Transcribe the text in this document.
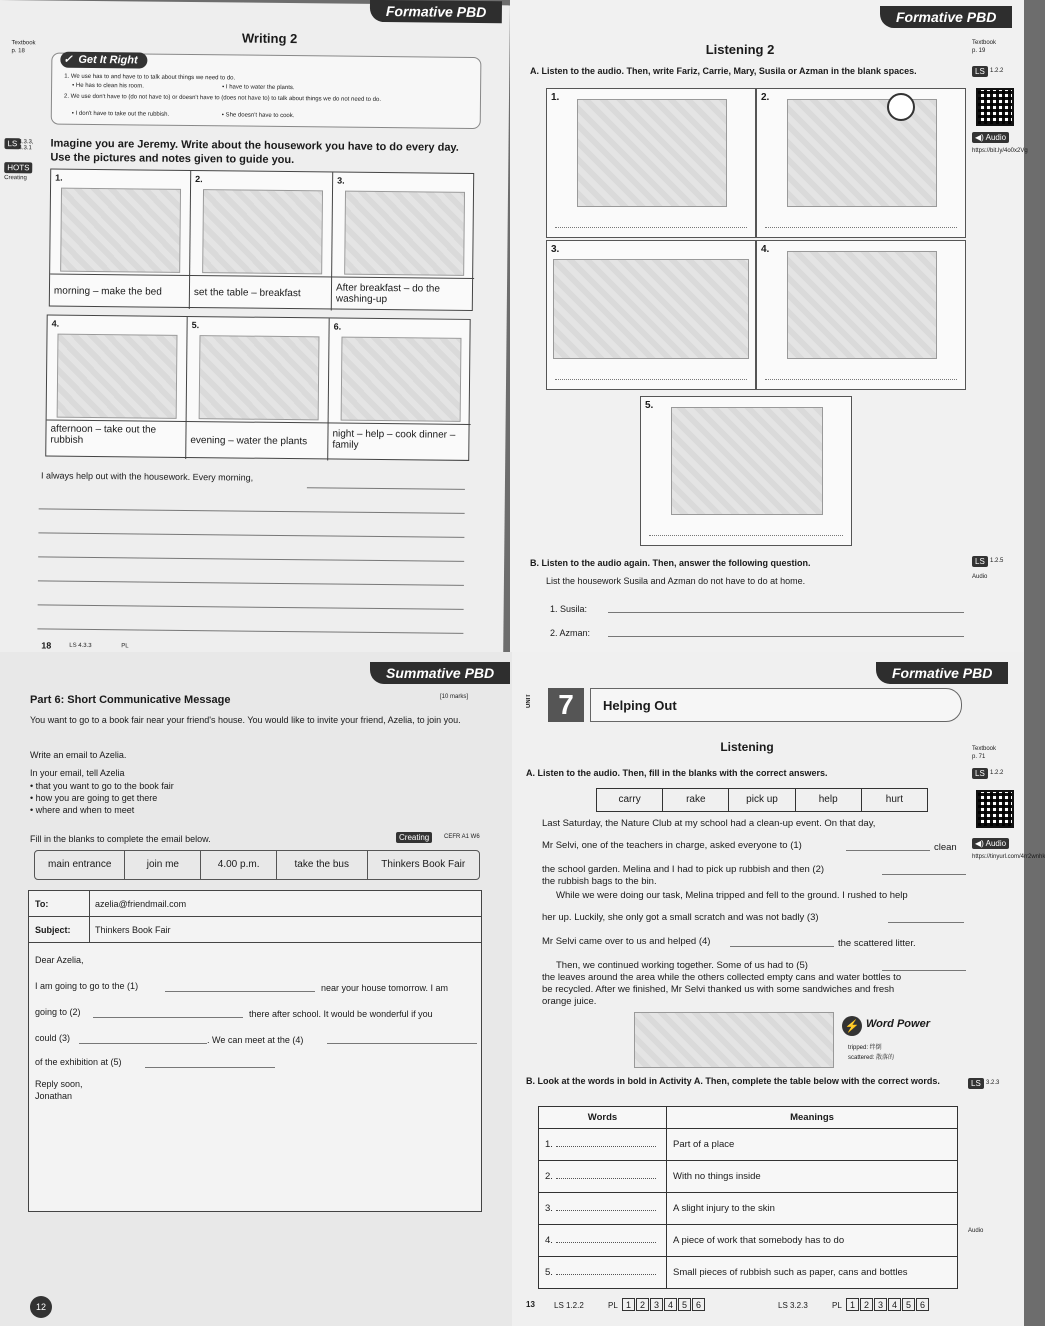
Formative PBD
Textbook
p. 18
Writing 2
✓ Get It Right
1. We use has to and have to to talk about things we need to do.
• He has to clean his room.	• I have to water the plants.
2. We use don't have to (do not have to) or doesn't have to (does not have to) to talk about things we do not need to do.
• I don't have to take out the rubbish.	• She doesn't have to cook.
LS 4.3.3, 4.3.1
HOTS
Creating
Imagine you are Jeremy. Write about the housework you have to do every day. Use the pictures and notes given to guide you.
1.
morning – make the bed
2.
set the table – breakfast
3.
After breakfast – do the washing-up
4.
afternoon – take out the rubbish
5.
evening – water the plants
6.
night – help – cook dinner – family
I always help out with the housework. Every morning,
18	LS 4.3.3	PL
Formative PBD
Listening 2	Textbook
p. 19
A. Listen to the audio. Then, write Fariz, Carrie, Mary, Susila or Azman in the blank spaces.	LS 1.2.2
◀) Audio
https://bit.ly/4o0x2Vg
1.	2.
3.	4.
5.
B. Listen to the audio again. Then, answer the following question.	LS 1.2.5
Audio
List the housework Susila and Azman do not have to do at home.
1. Susila:
2. Azman:
Summative PBD
Part 6: Short Communicative Message	[10 marks]
You want to go to a book fair near your friend's house. You would like to invite your friend, Azelia, to join you.
Write an email to Azelia.
In your email, tell Azelia
• that you want to go to the book fair
• how you are going to get there
• where and when to meet
Fill in the blanks to complete the email below.	Creating	CEFR A1 W6
main entrance	join me	4.00 p.m.	take the bus	Thinkers Book Fair
To:	azelia@friendmail.com
Subject:	Thinkers Book Fair
Dear Azelia,
I am going to go to the (1)	near your house tomorrow. I am
going to (2)	there after school. It would be wonderful if you
could (3)	. We can meet at the (4)
of the exhibition at (5)
Reply soon,
Jonathan
12
Formative PBD
UNIT 7	Helping Out
Listening	Textbook
p. 71
LS 1.2.2
◀) Audio
https://tinyurl.com/4rr2wnhk
A. Listen to the audio. Then, fill in the blanks with the correct answers.
carry	rake	pick up	help	hurt
Last Saturday, the Nature Club at my school had a clean-up event. On that day,
Mr Selvi, one of the teachers in charge, asked everyone to (1)	clean
the school garden. Melina and I had to pick up rubbish and then (2)
the rubbish bags to the bin.
While we were doing our task, Melina tripped and fell to the ground. I rushed to help
her up. Luckily, she only got a small scratch and was not badly (3)
Mr Selvi came over to us and helped (4)	the scattered litter.
Then, we continued working together. Some of us had to (5)
the leaves around the area while the others collected empty cans and water bottles to
be recycled. After we finished, Mr Selvi thanked us with some sandwiches and fresh
orange juice.
⚡ Word Power
tripped: 绊倒
scattered: 散落的
B. Look at the words in bold in Activity A. Then, complete the table below with the correct words.	LS 3.2.3
Words	Meanings
1.	Part of a place
2.	With no things inside
3.	A slight injury to the skin
4.	A piece of work that somebody has to do
5.	Small pieces of rubbish such as paper, cans and bottles
Audio
13 LS 1.2.2	PL 1 2 3 4 5 6	LS 3.2.3	PL 1 2 3 4 5 6
